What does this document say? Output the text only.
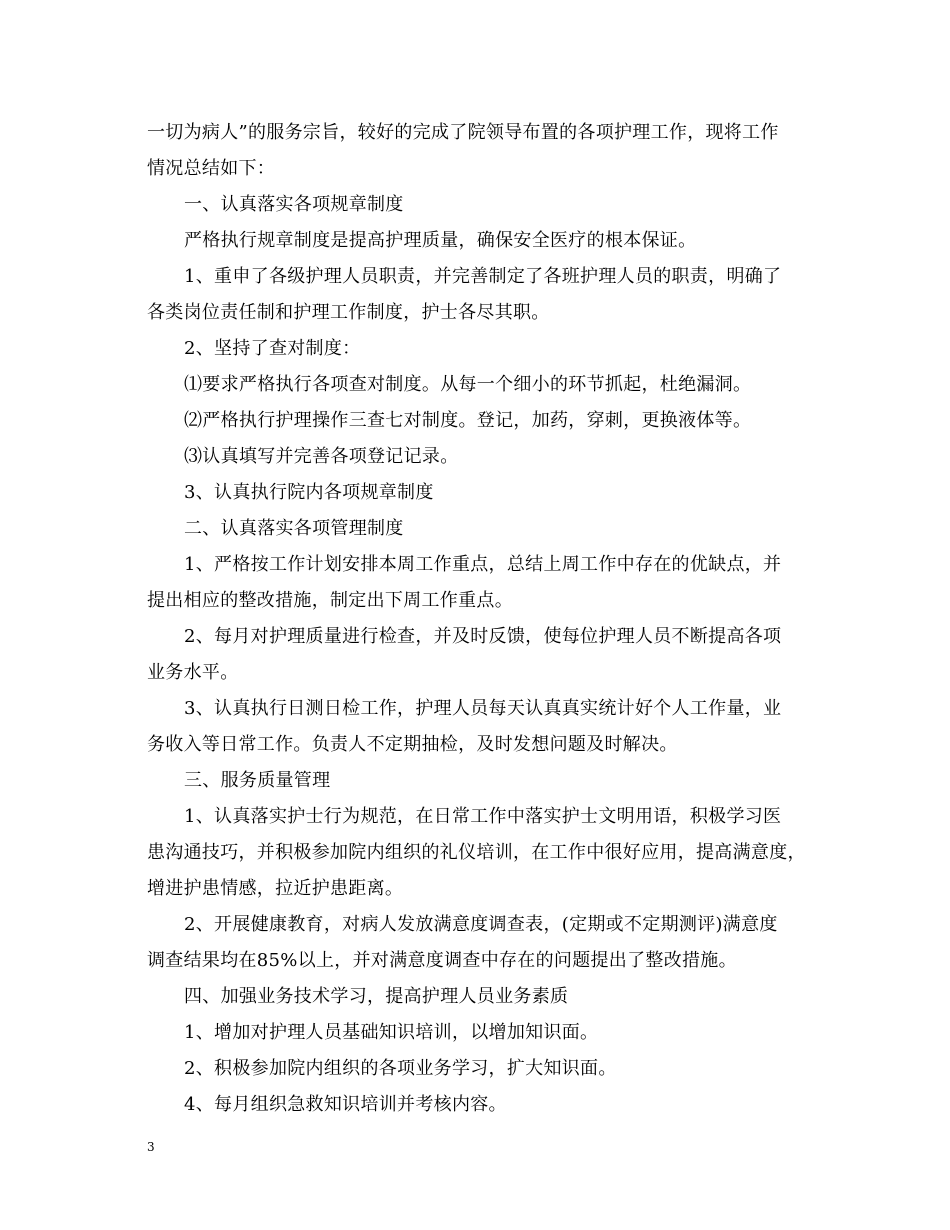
一切为病人”的服务宗旨，较好的完成了院领导布置的各项护理工作，现将工作
情况总结如下：
一、认真落实各项规章制度
严格执行规章制度是提高护理质量，确保安全医疗的根本保证。
1、重申了各级护理人员职责，并完善制定了各班护理人员的职责，明确了
各类岗位责任制和护理工作制度，护士各尽其职。
2、坚持了查对制度：
⑴要求严格执行各项查对制度。从每一个细小的环节抓起，杜绝漏洞。
⑵严格执行护理操作三查七对制度。登记，加药，穿刺，更换液体等。
⑶认真填写并完善各项登记记录。
3、认真执行院内各项规章制度
二、认真落实各项管理制度
1、严格按工作计划安排本周工作重点，总结上周工作中存在的优缺点，并
提出相应的整改措施，制定出下周工作重点。
2、每月对护理质量进行检查，并及时反馈，使每位护理人员不断提高各项
业务水平。
3、认真执行日测日检工作，护理人员每天认真真实统计好个人工作量，业
务收入等日常工作。负责人不定期抽检，及时发想问题及时解决。
三、服务质量管理
1、认真落实护士行为规范，在日常工作中落实护士文明用语，积极学习医
患沟通技巧，并积极参加院内组织的礼仪培训，在工作中很好应用，提高满意度，
增进护患情感，拉近护患距离。
2、开展健康教育，对病人发放满意度调查表，(定期或不定期测评)满意度
调查结果均在85%以上，并对满意度调查中存在的问题提出了整改措施。
四、加强业务技术学习，提高护理人员业务素质
1、增加对护理人员基础知识培训，以增加知识面。
2、积极参加院内组织的各项业务学习，扩大知识面。
4、每月组织急救知识培训并考核内容。
3
